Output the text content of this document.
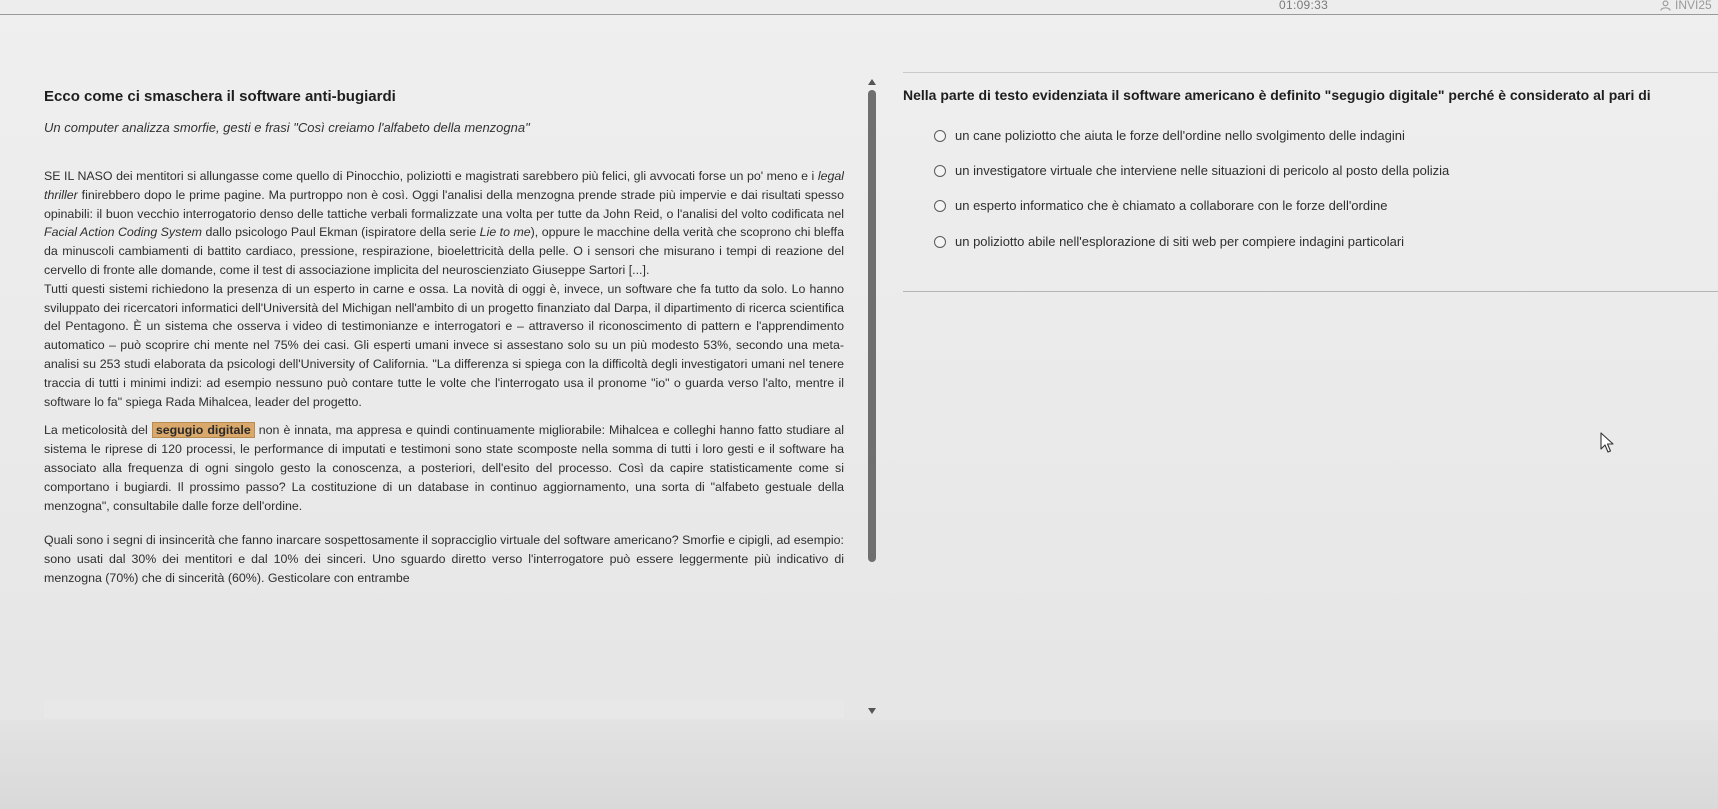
01:09:33	INVI25
Ecco come ci smaschera il software anti-bugiardi
Un computer analizza smorfie, gesti e frasi "Così creiamo l'alfabeto della menzogna"

SE IL NASO dei mentitori si allungasse come quello di Pinocchio, poliziotti e magistrati sarebbero più felici, gli avvocati forse un po' meno e i legal thriller finirebbero dopo le prime pagine. Ma purtroppo non è così. Oggi l'analisi della menzogna prende strade più impervie e dai risultati spesso opinabili: il buon vecchio interrogatorio denso delle tattiche verbali formalizzate una volta per tutte da John Reid, o l'analisi del volto codificata nel Facial Action Coding System dallo psicologo Paul Ekman (ispiratore della serie Lie to me), oppure le macchine della verità che scoprono chi bleffa da minuscoli cambiamenti di battito cardiaco, pressione, respirazione, bioelettricità della pelle. O i sensori che misurano i tempi di reazione del cervello di fronte alle domande, come il test di associazione implicita del neuroscienziato Giuseppe Sartori [...].

Tutti questi sistemi richiedono la presenza di un esperto in carne e ossa. La novità di oggi è, invece, un software che fa tutto da solo. Lo hanno sviluppato dei ricercatori informatici dell'Università del Michigan nell'ambito di un progetto finanziato dal Darpa, il dipartimento di ricerca scientifica del Pentagono. È un sistema che osserva i video di testimonianze e interrogatori e – attraverso il riconoscimento di pattern e l'apprendimento automatico – può scoprire chi mente nel 75% dei casi. Gli esperti umani invece si assestano solo su un più modesto 53%, secondo una meta-analisi su 253 studi elaborata da psicologi dell'University of California. "La differenza si spiega con la difficoltà degli investigatori umani nel tenere traccia di tutti i minimi indizi: ad esempio nessuno può contare tutte le volte che l'interrogato usa il pronome "io" o guarda verso l'alto, mentre il software lo fa" spiega Rada Mihalcea, leader del progetto.

La meticolosità del segugio digitale non è innata, ma appresa e quindi continuamente migliorabile: Mihalcea e colleghi hanno fatto studiare al sistema le riprese di 120 processi, le performance di imputati e testimoni sono state scomposte nella somma di tutti i loro gesti e il software ha associato alla frequenza di ogni singolo gesto la conoscenza, a posteriori, dell'esito del processo. Così da capire statisticamente come si comportano i bugiardi. Il prossimo passo? La costituzione di un database in continuo aggiornamento, una sorta di "alfabeto gestuale della menzogna", consultabile dalle forze dell'ordine.

Quali sono i segni di insincerità che fanno inarcare sospettosamente il sopracciglio virtuale del software americano? Smorfie e cipigli, ad esempio: sono usati dal 30% dei mentitori e dal 10% dei sinceri. Uno sguardo diretto verso l'interrogatore può essere leggermente più indicativo di menzogna (70%) che di sincerità (60%). Gesticolare con entrambe

Nella parte di testo evidenziata il software americano è definito "segugio digitale" perché è considerato al pari di
un cane poliziotto che aiuta le forze dell'ordine nello svolgimento delle indagini
un investigatore virtuale che interviene nelle situazioni di pericolo al posto della polizia
un esperto informatico che è chiamato a collaborare con le forze dell'ordine
un poliziotto abile nell'esplorazione di siti web per compiere indagini particolari
